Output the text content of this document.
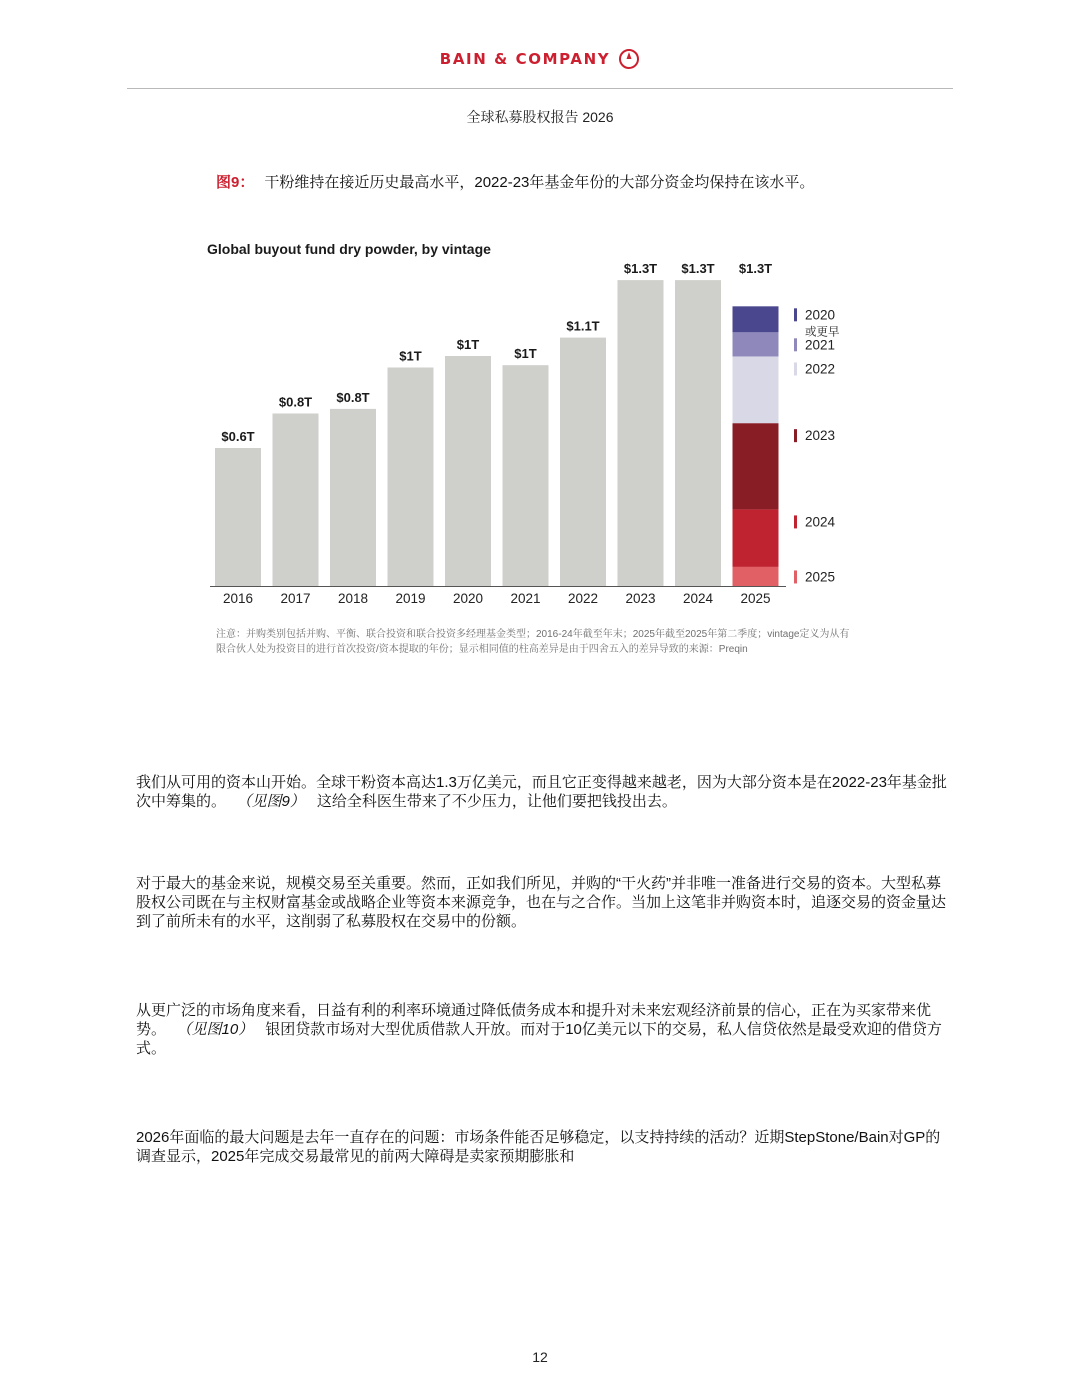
BAIN & COMPANY
全球私募股权报告 2026
图9： 干粉维持在接近历史最高水平，2022-23年基金年份的大部分资金均保持在该水平。
Global buyout fund dry powder, by vintage
$0.6T
2016
$0.8T
2017
$0.8T
2018
$1T
2019
$1T
2020
$1T
2021
$1.1T
2022
$1.3T
2023
$1.3T
2024
$1.3T
2025
2020
或更早
2021
2022
2023
2024
2025
注意：并购类别包括并购、平衡、联合投资和联合投资多经理基金类型；2016-24年截至年末；2025年截至2025年第二季度；vintage定义为从有限合伙人处为投资目的进行首次投资/资本提取的年份；显示相同值的柱高差异是由于四舍五入的差异导致的来源：Preqin
我们从可用的资本山开始。全球干粉资本高达1.3万亿美元，而且它正变得越来越老，因为大部分资本是在2022-23年基金批次中筹集的。 （见图9） 这给全科医生带来了不少压力，让他们要把钱投出去。
对于最大的基金来说，规模交易至关重要。然而，正如我们所见，并购的“干火药”并非唯一准备进行交易的资本。大型私募股权公司既在与主权财富基金或战略企业等资本来源竞争，也在与之合作。当加上这笔非并购资本时，追逐交易的资金量达到了前所未有的水平，这削弱了私募股权在交易中的份额。
从更广泛的市场角度来看，日益有利的利率环境通过降低债务成本和提升对未来宏观经济前景的信心，正在为买家带来优势。 （见图10） 银团贷款市场对大型优质借款人开放。而对于10亿美元以下的交易，私人信贷依然是最受欢迎的借贷方式。
2026年面临的最大问题是去年一直存在的问题：市场条件能否足够稳定，以支持持续的活动？近期StepStone/Bain对GP的调查显示，2025年完成交易最常见的前两大障碍是卖家预期膨胀和
12
